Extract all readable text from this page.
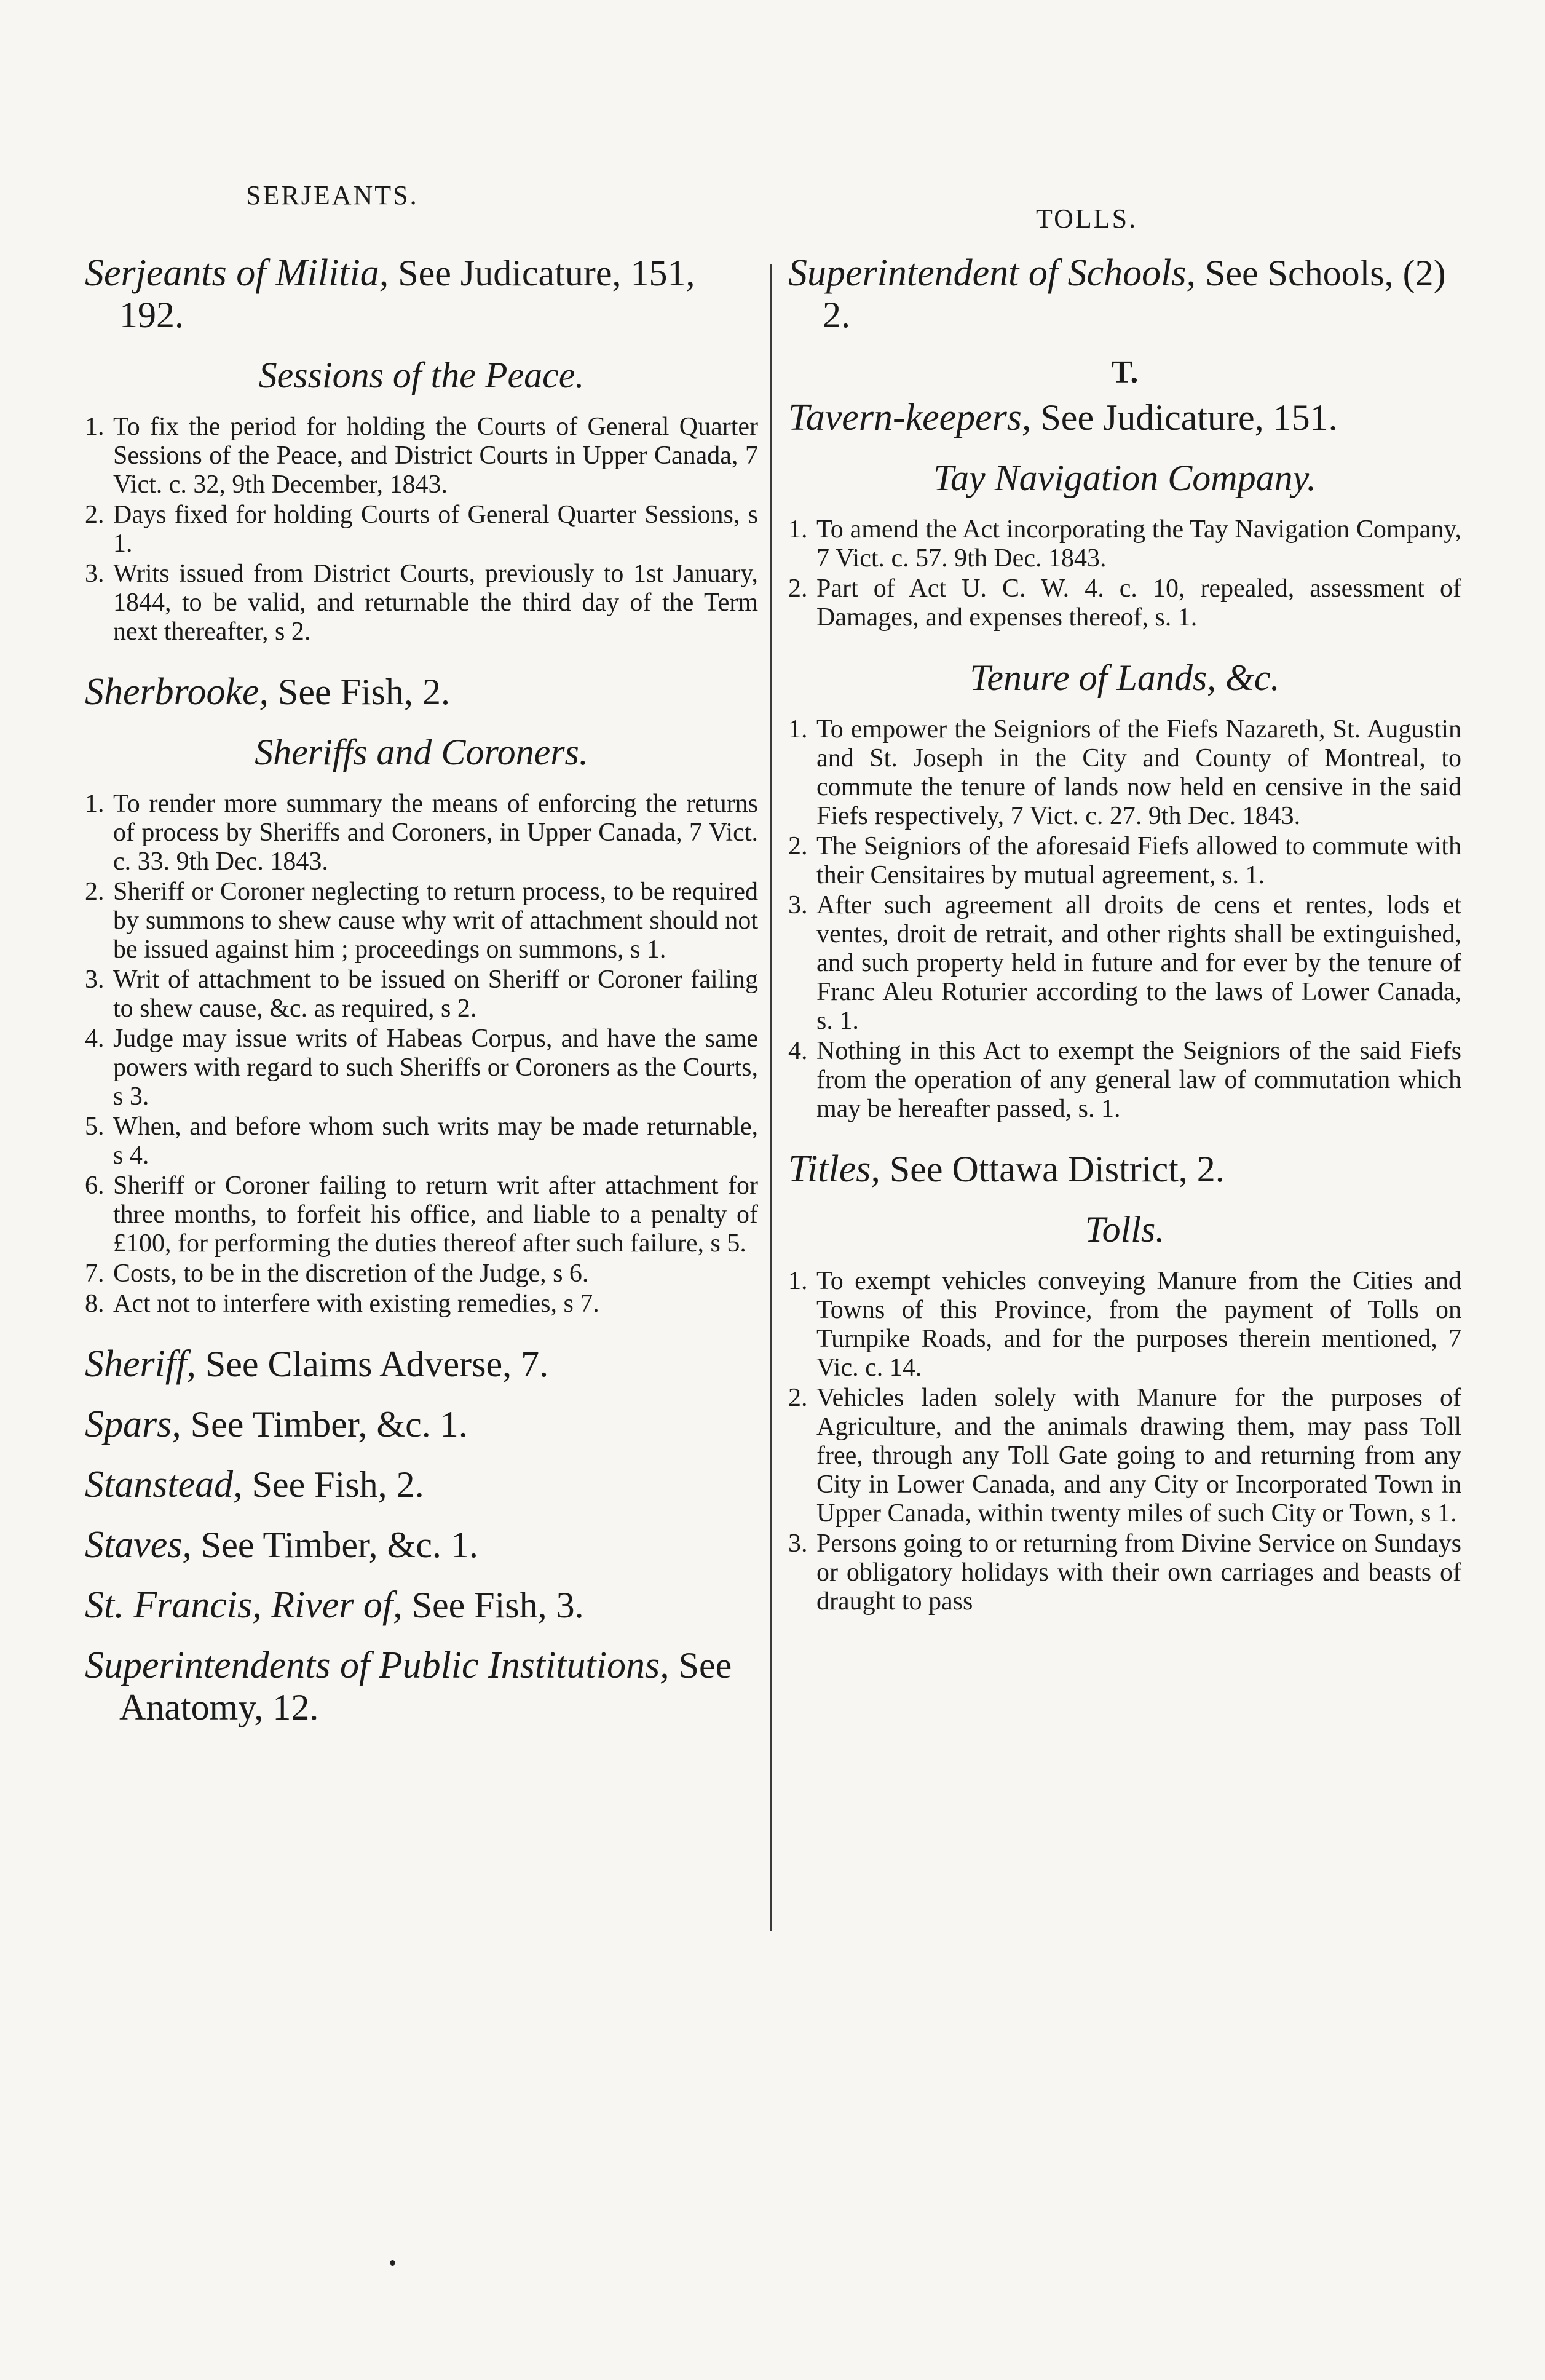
SERJEANTS.
TOLLS.
Serjeants of Militia, See Judicature, 151, 192.
Sessions of the Peace.
1. To fix the period for holding the Courts of General Quarter Sessions of the Peace, and District Courts in Upper Canada, 7 Vict. c. 32, 9th December, 1843.
2. Days fixed for holding Courts of General Quarter Sessions, s 1.
3. Writs issued from District Courts, previously to 1st January, 1844, to be valid, and returnable the third day of the Term next thereafter, s 2.
Sherbrooke, See Fish, 2.
Sheriffs and Coroners.
1. To render more summary the means of enforcing the returns of process by Sheriffs and Coroners, in Upper Canada, 7 Vict. c. 33. 9th Dec. 1843.
2. Sheriff or Coroner neglecting to return process, to be required by summons to shew cause why writ of attachment should not be issued against him ; proceedings on summons, s 1.
3. Writ of attachment to be issued on Sheriff or Coroner failing to shew cause, &c. as required, s 2.
4. Judge may issue writs of Habeas Corpus, and have the same powers with regard to such Sheriffs or Coroners as the Courts, s 3.
5. When, and before whom such writs may be made returnable, s 4.
6. Sheriff or Coroner failing to return writ after attachment for three months, to forfeit his office, and liable to a penalty of £100, for performing the duties thereof after such failure, s 5.
7. Costs, to be in the discretion of the Judge, s 6.
8. Act not to interfere with existing remedies, s 7.
Sheriff, See Claims Adverse, 7.
Spars, See Timber, &c. 1.
Stanstead, See Fish, 2.
Staves, See Timber, &c. 1.
St. Francis, River of, See Fish, 3.
Superintendents of Public Institutions, See Anatomy, 12.
Superintendent of Schools, See Schools, (2) 2.
T.
Tavern-keepers, See Judicature, 151.
Tay Navigation Company.
1. To amend the Act incorporating the Tay Navigation Company, 7 Vict. c. 57. 9th Dec. 1843.
2. Part of Act U. C. W. 4. c. 10, repealed, assessment of Damages, and expenses thereof, s. 1.
Tenure of Lands, &c.
1. To empower the Seigniors of the Fiefs Nazareth, St. Augustin and St. Joseph in the City and County of Montreal, to commute the tenure of lands now held en censive in the said Fiefs respectively, 7 Vict. c. 27. 9th Dec. 1843.
2. The Seigniors of the aforesaid Fiefs allowed to commute with their Censitaires by mutual agreement, s. 1.
3. After such agreement all droits de cens et rentes, lods et ventes, droit de retrait, and other rights shall be extinguished, and such property held in future and for ever by the tenure of Franc Aleu Roturier according to the laws of Lower Canada, s. 1.
4. Nothing in this Act to exempt the Seigniors of the said Fiefs from the operation of any general law of commutation which may be hereafter passed, s. 1.
Titles, See Ottawa District, 2.
Tolls.
1. To exempt vehicles conveying Manure from the Cities and Towns of this Province, from the payment of Tolls on Turnpike Roads, and for the purposes therein mentioned, 7 Vic. c. 14.
2. Vehicles laden solely with Manure for the purposes of Agriculture, and the animals drawing them, may pass Toll free, through any Toll Gate going to and returning from any City in Lower Canada, and any City or Incorporated Town in Upper Canada, within twenty miles of such City or Town, s 1.
3. Persons going to or returning from Divine Service on Sundays or obligatory holidays with their own carriages and beasts of draught to pass
